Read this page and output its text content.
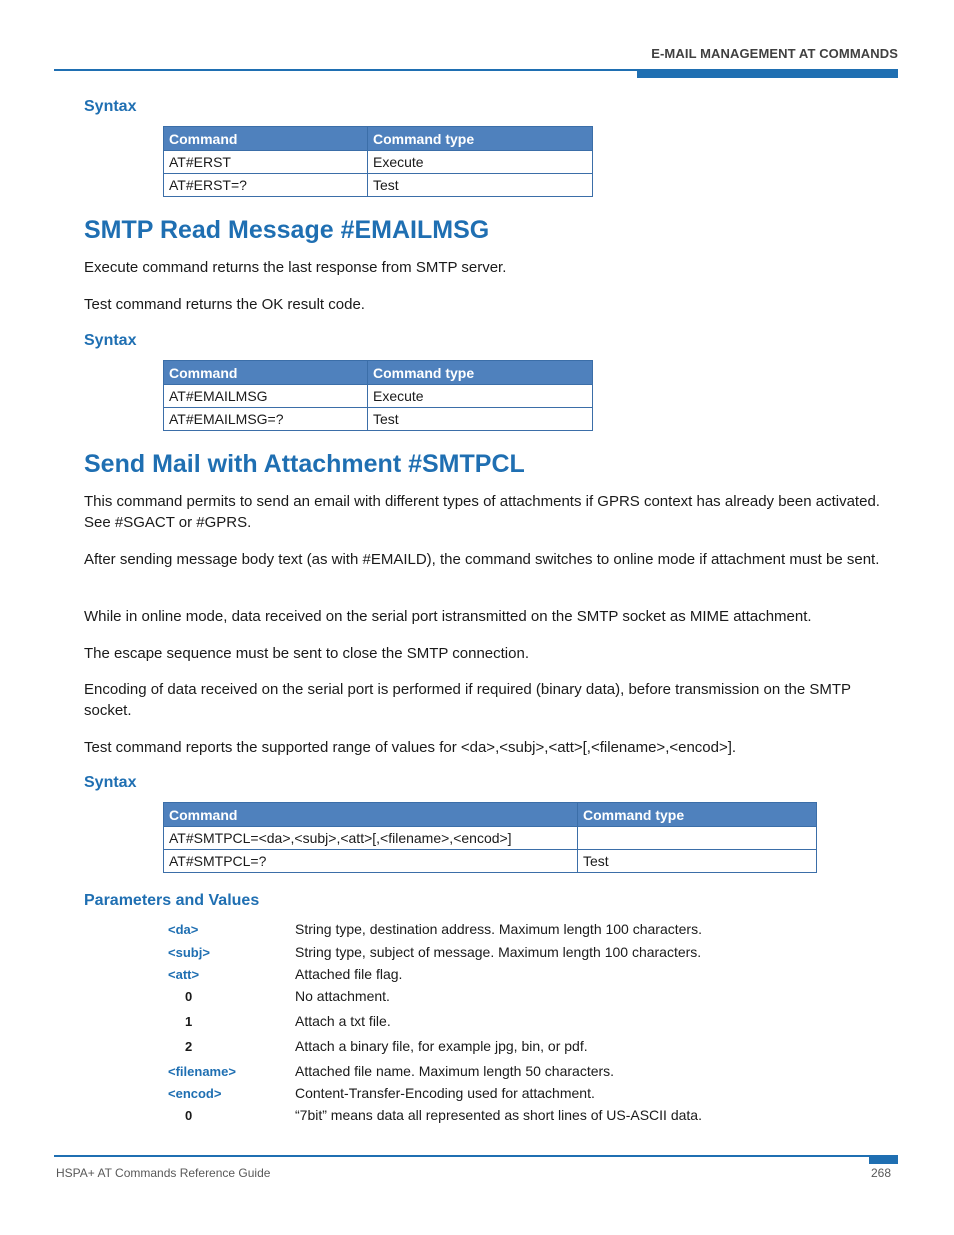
E-MAIL MANAGEMENT AT COMMANDS
Syntax
Command	Command type
AT#ERST	Execute
AT#ERST=?	Test
SMTP Read Message #EMAILMSG
Execute command returns the last response from SMTP server.
Test command returns the OK result code.
Syntax
Command	Command type
AT#EMAILMSG	Execute
AT#EMAILMSG=?	Test
Send Mail with Attachment #SMTPCL
This command permits to send an email with different types of attachments if GPRS context has already been activated. See #SGACT or #GPRS.
After sending message body text (as with #EMAILD), the command switches to online mode if attachment must be sent.
While in online mode, data received on the serial port istransmitted on the SMTP socket as MIME attachment.
The escape sequence must be sent to close the SMTP connection.
Encoding of data received on the serial port is performed if required (binary data), before transmission on the SMTP socket.
Test command reports the supported range of values for <da>,<subj>,<att>[,<filename>,<encod>].
Syntax
Command	Command type
AT#SMTPCL=<da>,<subj>,<att>[,<filename>,<encod>]	
AT#SMTPCL=?	Test
Parameters and Values
<da>	String type, destination address. Maximum length 100 characters.
<subj>	String type, subject of message. Maximum length 100 characters.
<att>	Attached file flag.
0	No attachment.
1	Attach a txt file.
2	Attach a binary file, for example jpg, bin, or pdf.
<filename>	Attached file name. Maximum length 50 characters.
<encod>	Content-Transfer-Encoding used for attachment.
0	“7bit” means data all represented as short lines of US-ASCII data.
HSPA+ AT Commands Reference Guide	268
